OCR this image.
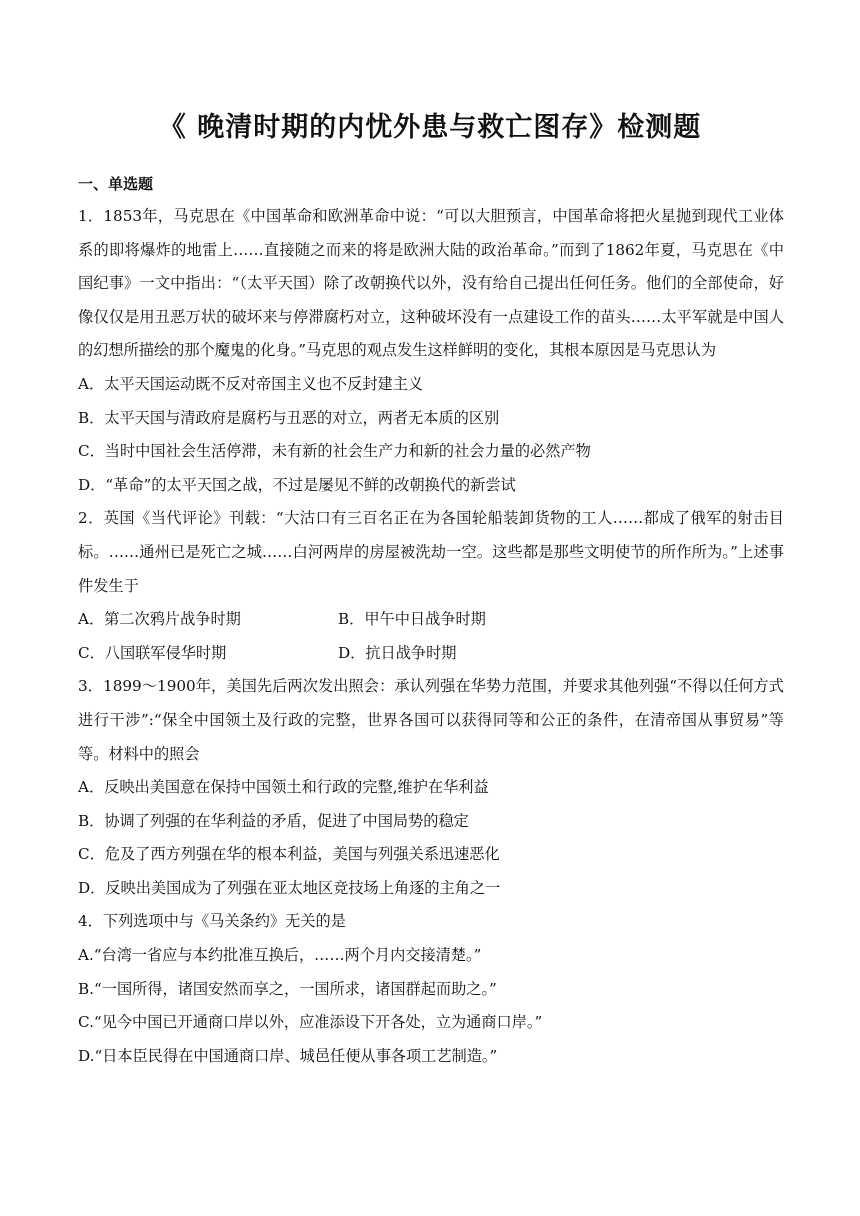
《 晚清时期的内忧外患与救亡图存》检测题
一、单选题
1．1853年，马克思在《中国革命和欧洲革命中说：“可以大胆预言，中国革命将把火星抛到现代工业体系的即将爆炸的地雷上……直接随之而来的将是欧洲大陆的政治革命。”而到了1862年夏，马克思在《中国纪事》一文中指出：“（太平天国）除了改朝换代以外，没有给自己提出任何任务。他们的全部使命，好像仅仅是用丑恶万状的破坏来与停滞腐朽对立，这种破坏没有一点建设工作的苗头……太平军就是中国人的幻想所描绘的那个魔鬼的化身。”马克思的观点发生这样鲜明的变化，其根本原因是马克思认为
A．太平天国运动既不反对帝国主义也不反封建主义
B．太平天国与清政府是腐朽与丑恶的对立，两者无本质的区别
C．当时中国社会生活停滞，未有新的社会生产力和新的社会力量的必然产物
D．“革命”的太平天国之战，不过是屡见不鲜的改朝换代的新尝试
2．英国《当代评论》刊载：“大沽口有三百名正在为各国轮船装卸货物的工人……都成了俄军的射击目标。……通州已是死亡之城……白河两岸的房屋被洗劫一空。这些都是那些文明使节的所作所为。”上述事件发生于
A．第二次鸦片战争时期	B．甲午中日战争时期
C．八国联军侵华时期	D．抗日战争时期
3．1899～1900年，美国先后两次发出照会：承认列强在华势力范围，并要求其他列强“不得以任何方式进行干涉”:“保全中国领土及行政的完整，世界各国可以获得同等和公正的条件，在清帝国从事贸易”等等。材料中的照会
A．反映出美国意在保持中国领土和行政的完整,维护在华利益
B．协调了列强的在华利益的矛盾，促进了中国局势的稳定
C．危及了西方列强在华的根本利益，美国与列强关系迅速恶化
D．反映出美国成为了列强在亚太地区竞技场上角逐的主角之一
4．下列选项中与《马关条约》无关的是
A.“台湾一省应与本约批准互换后，……两个月内交接清楚。”
B.“一国所得，诸国安然而享之，一国所求，诸国群起而助之。”
C.“见今中国已开通商口岸以外，应准添设下开各处，立为通商口岸。”
D.“日本臣民得在中国通商口岸、城邑任便从事各项工艺制造。”
